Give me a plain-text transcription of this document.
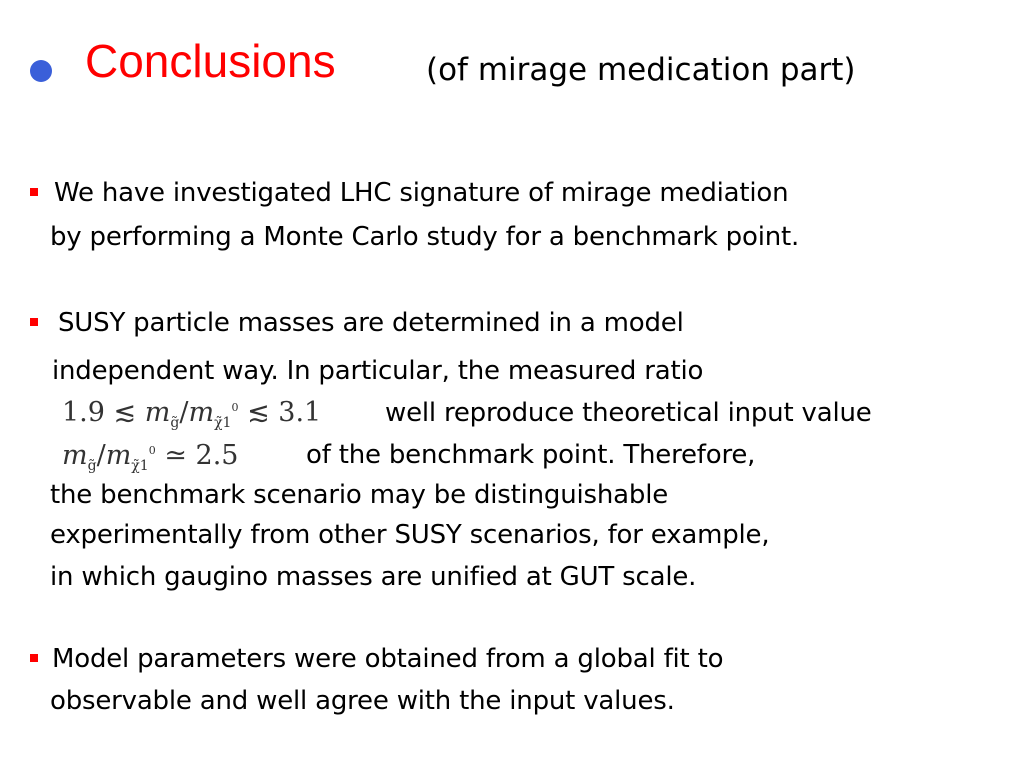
Conclusions	(of mirage medication part)
We have investigated LHC signature of mirage mediation
by performing a Monte Carlo study for a benchmark point.
SUSY particle masses are determined in a model
independent way. In particular, the measured ratio
1.9 ≲ $m_{g̃}/m_{\chĩ1}^0$ ≲ 3.1 well reproduce theoretical input value
$m_{g̃}/m_{\chĩ1}^0$ ≃ 2.5	of the benchmark point. Therefore,
the benchmark scenario may be distinguishable
experimentally from other SUSY scenarios, for example,
in which gaugino masses are unified at GUT scale.
Model parameters were obtained from a global fit to
observable and well agree with the input values.
